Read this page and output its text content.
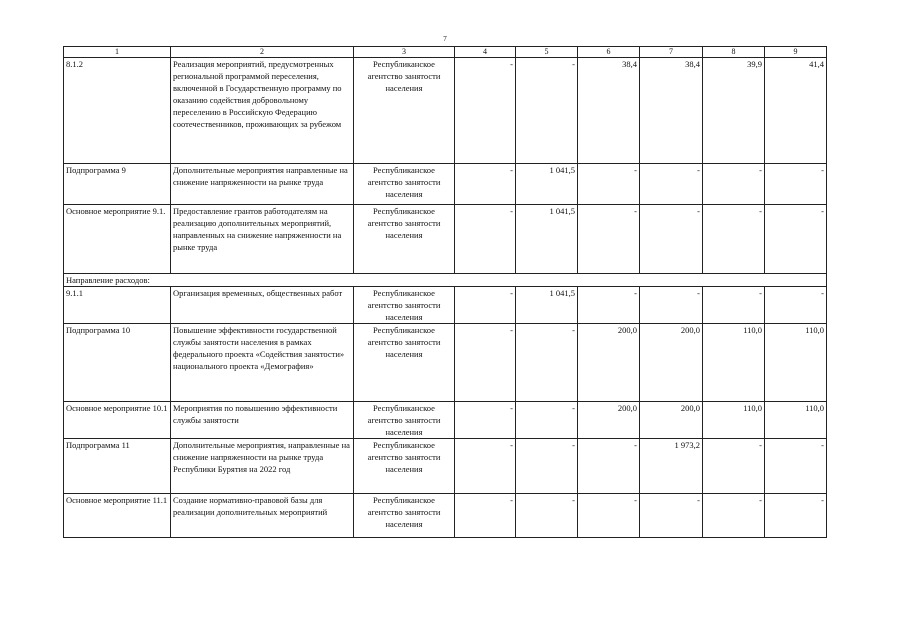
7
1	2	3	4	5	6	7	8	9
8.1.2	Реализация мероприятий, предусмотренных региональной программой переселения, включенной в Государственную программу по оказанию содействия добровольному переселению в Российскую Федерацию соотечественников, проживающих за рубежом	Республиканское агентство занятости населения	-	-	38,4	38,4	39,9	41,4
Подпрограмма 9	Дополнительные мероприятия направленные на снижение напряженности на рынке труда	Республиканское агентство занятости населения	-	1 041,5	-	-	-	-
Основное мероприятие 9.1.	Предоставление грантов работодателям на реализацию дополнительных мероприятий, направленных на снижение напряженности на рынке труда	Республиканское агентство занятости населения	-	1 041,5	-	-	-	-
Направление расходов:								
9.1.1	Организация временных, общественных работ	Республиканское агентство занятости населения	-	1 041,5	-	-	-	-
Подпрограмма 10	Повышение эффективности государственной службы занятости населения в рамках федерального проекта «Содействия занятости» национального проекта «Демография»	Республиканское агентство занятости населения	-	-	200,0	200,0	110,0	110,0
Основное мероприятие 10.1	Мероприятия по повышению эффективности службы занятости	Республиканское агентство занятости населения	-	-	200,0	200,0	110,0	110,0
Подпрограмма 11	Дополнительные мероприятия, направленные на снижение напряженности на рынке труда Республики Бурятия на 2022 год	Республиканское агентство занятости населения	-	-	-	1 973,2	-	-
Основное мероприятие 11.1	Создание нормативно-правовой базы для реализации дополнительных мероприятий	Республиканское агентство занятости населения	-	-	-	-	-	-
